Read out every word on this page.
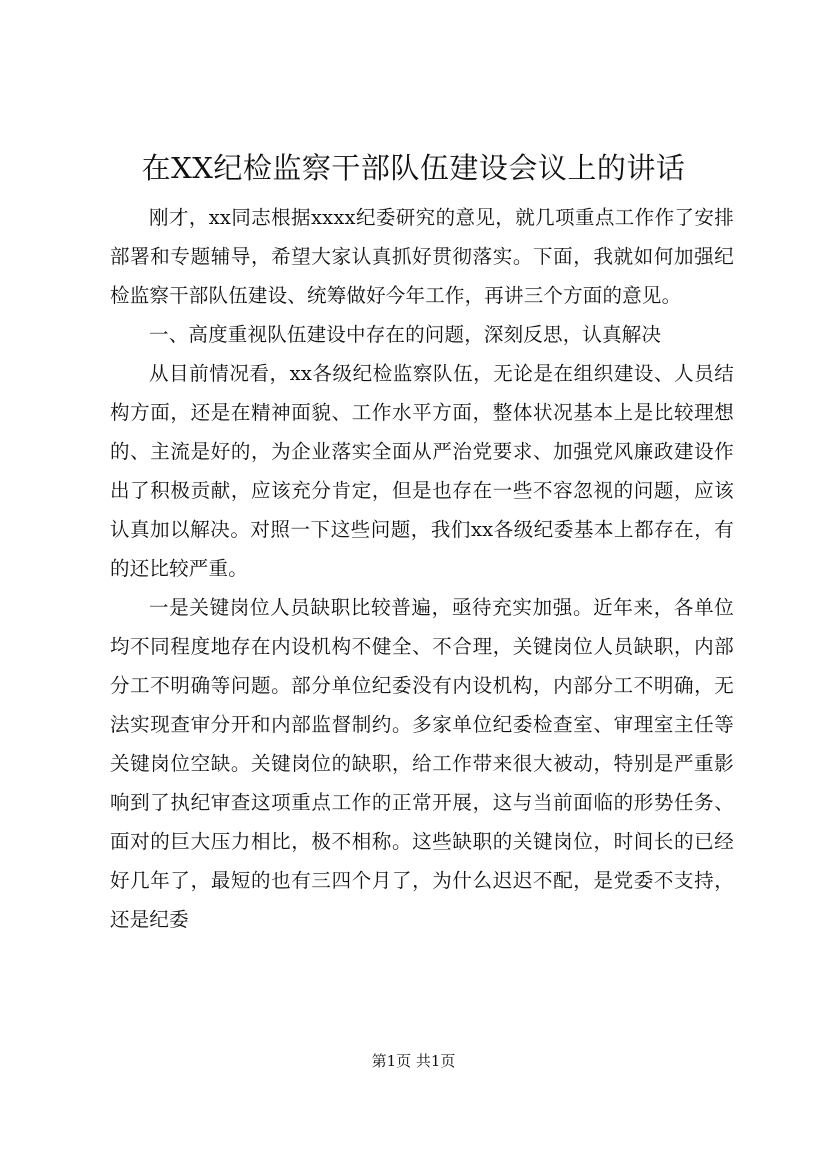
在XX纪检监察干部队伍建设会议上的讲话

刚才，xx同志根据xxxx纪委研究的意见，就几项重点工作作了安排部署和专题辅导，希望大家认真抓好贯彻落实。下面，我就如何加强纪检监察干部队伍建设、统筹做好今年工作，再讲三个方面的意见。

一、高度重视队伍建设中存在的问题，深刻反思，认真解决

从目前情况看，xx各级纪检监察队伍，无论是在组织建设、人员结构方面，还是在精神面貌、工作水平方面，整体状况基本上是比较理想的、主流是好的，为企业落实全面从严治党要求、加强党风廉政建设作出了积极贡献，应该充分肯定，但是也存在一些不容忽视的问题，应该认真加以解决。对照一下这些问题，我们xx各级纪委基本上都存在，有的还比较严重。

一是关键岗位人员缺职比较普遍，亟待充实加强。近年来，各单位均不同程度地存在内设机构不健全、不合理，关键岗位人员缺职，内部分工不明确等问题。部分单位纪委没有内设机构，内部分工不明确，无法实现查审分开和内部监督制约。多家单位纪委检查室、审理室主任等关键岗位空缺。关键岗位的缺职，给工作带来很大被动，特别是严重影响到了执纪审查这项重点工作的正常开展，这与当前面临的形势任务、面对的巨大压力相比，极不相称。这些缺职的关键岗位，时间长的已经好几年了，最短的也有三四个月了，为什么迟迟不配，是党委不支持，还是纪委

第1页 共1页
